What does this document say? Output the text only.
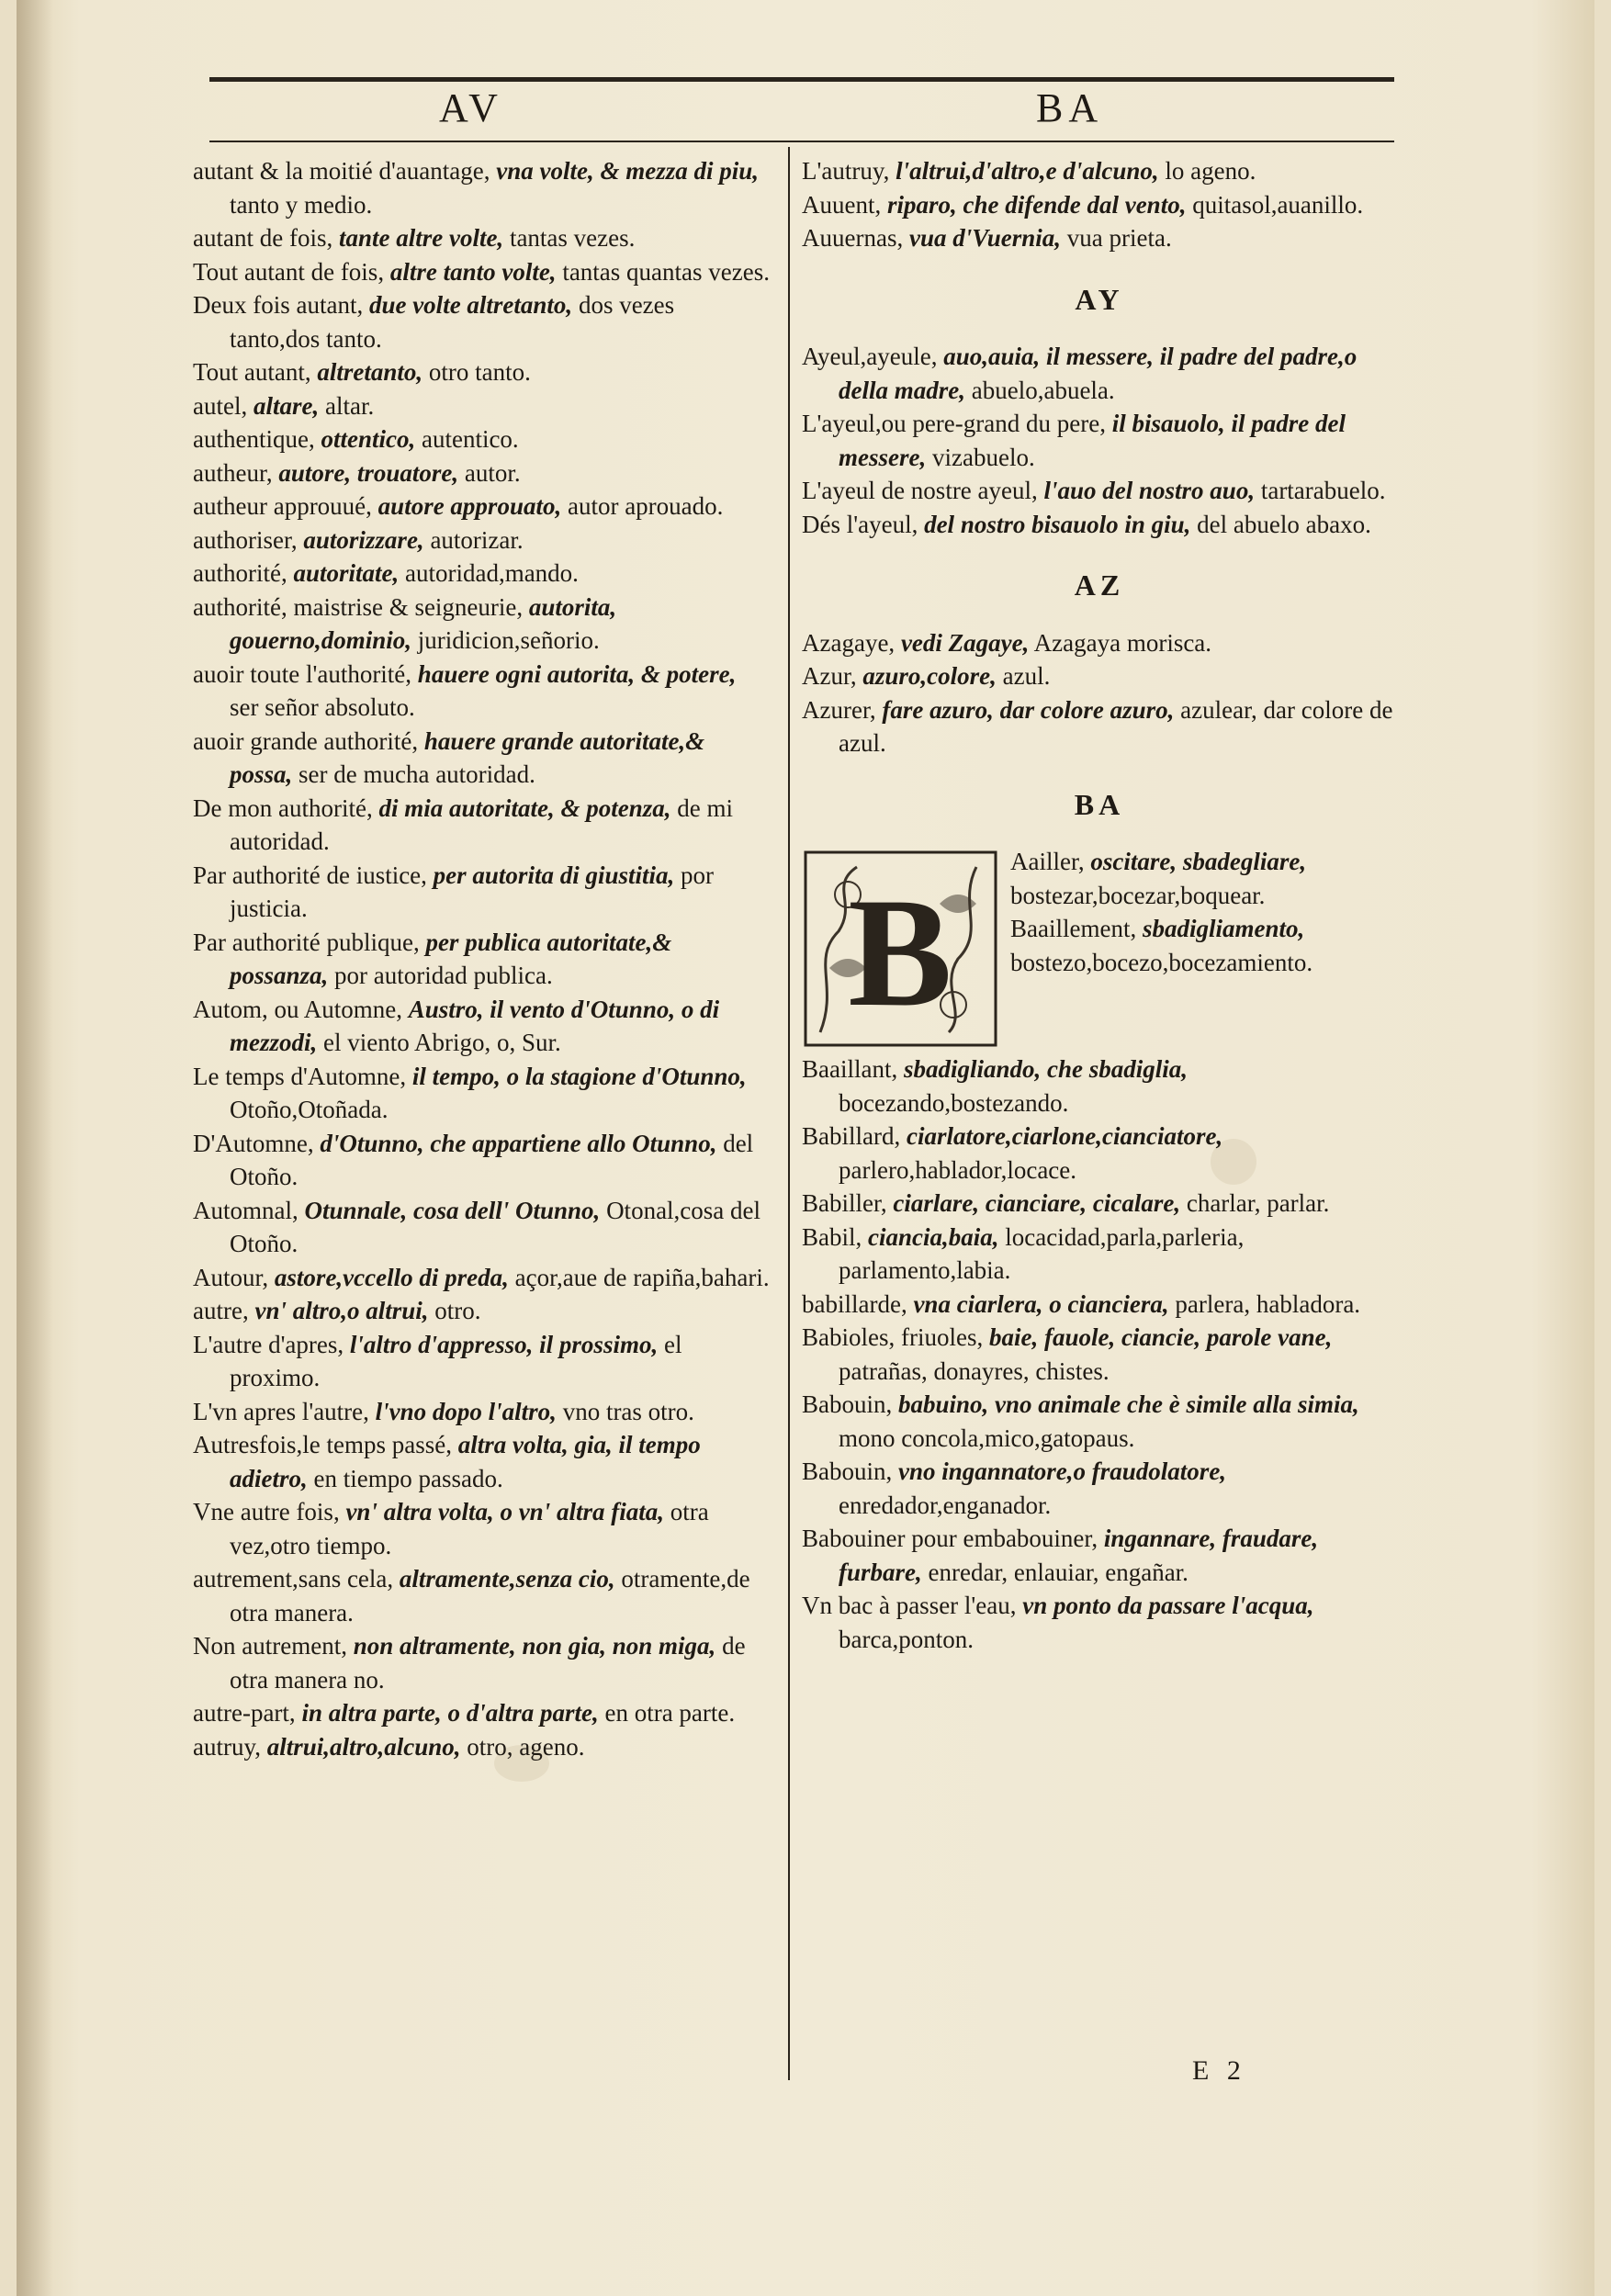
AV	BA

autant & la moitié d'auantage, vna volte, & mezza di piu, tanto y medio.

autant de fois, tante altre volte, tantas vezes.

Tout autant de fois, altre tanto volte, tantas quantas vezes.

Deux fois autant, due volte altretanto, dos vezes tanto,dos tanto.

Tout autant, altretanto, otro tanto.

autel, altare, altar.

authentique, ottentico, autentico.

autheur, autore, trouatore, autor.

autheur approuué, autore approuato, autor aprouado.

authoriser, autorizzare, autorizar.

authorité, autoritate, autoridad,mando.

authorité, maistrise & seigneurie, autorita, gouerno,dominio, juridicion,señorio.

auoir toute l'authorité, hauere ogni autorita, & potere, ser señor absoluto.

auoir grande authorité, hauere grande autoritate,& possa, ser de mucha autoridad.

De mon authorité, di mia autoritate, & potenza, de mi autoridad.

Par authorité de iustice, per autorita di giustitia, por justicia.

Par authorité publique, per publica autoritate,& possanza, por autoridad publica.

Autom, ou Automne, Austro, il vento d'Otunno, o di mezzodi, el viento Abrigo, o, Sur.

Le temps d'Automne, il tempo, o la stagione d'Otunno, Otoño,Otoñada.

D'Automne, d'Otunno, che appartiene allo Otunno, del Otoño.

Automnal, Otunnale, cosa dell' Otunno, Otonal,cosa del Otoño.

Autour, astore,vccello di preda, açor,aue de rapiña,bahari.

autre, vn' altro,o altrui, otro.

L'autre d'apres, l'altro d'appresso, il prossimo, el proximo.

L'vn apres l'autre, l'vno dopo l'altro, vno tras otro.

Autresfois,le temps passé, altra volta, gia, il tempo adietro, en tiempo passado.

Vne autre fois, vn' altra volta, o vn' altra fiata, otra vez,otro tiempo.

autrement,sans cela, altramente,senza cio, otramente,de otra manera.

Non autrement, non altramente, non gia, non miga, de otra manera no.

autre-part, in altra parte, o d'altra parte, en otra parte.

autruy, altrui,altro,alcuno, otro, ageno.

L'autruy, l'altrui,d'altro,e d'alcuno, lo ageno.

Auuent, riparo, che difende dal vento, quitasol,auanillo.

Auuernas, vua d'Vuernia, vua prieta.

AY

Ayeul,ayeule, auo,auia, il messere, il padre del padre,o della madre, abuelo,abuela.

L'ayeul,ou pere-grand du pere, il bisauolo, il padre del messere, vizabuelo.

L'ayeul de nostre ayeul, l'auo del nostro auo, tartarabuelo.

Dés l'ayeul, del nostro bisauolo in giu, del abuelo abaxo.

AZ

Azagaye, vedi Zagaye, Azagaya morisca.

Azur, azuro,colore, azul.

Azurer, fare azuro, dar colore azuro, azulear, dar colore de azul.

BA
B

Aailler, oscitare, sbadegliare, bostezar,bocezar,boquear.

Baaillement, sbadigliamento, bostezo,bocezo,bocezamiento.

Baaillant, sbadigliando, che sbadiglia, bocezando,bostezando.

Babillard, ciarlatore,ciarlone,cianciatore, parlero,hablador,locace.

Babiller, ciarlare, cianciare, cicalare, charlar, parlar.

Babil, ciancia,baia, locacidad,parla,parleria, parlamento,labia.

babillarde, vna ciarlera, o cianciera, parlera, habladora.

Babioles, friuoles, baie, fauole, ciancie, parole vane, patrañas, donayres, chistes.

Babouin, babuino, vno animale che è simile alla simia, mono concola,mico,gatopaus.

Babouin, vno ingannatore,o fraudolatore, enredador,enganador.

Babouiner pour embabouiner, ingannare, fraudare, furbare, enredar, enlauiar, engañar.

Vn bac à passer l'eau, vn ponto da passare l'acqua, barca,ponton.

E 2
